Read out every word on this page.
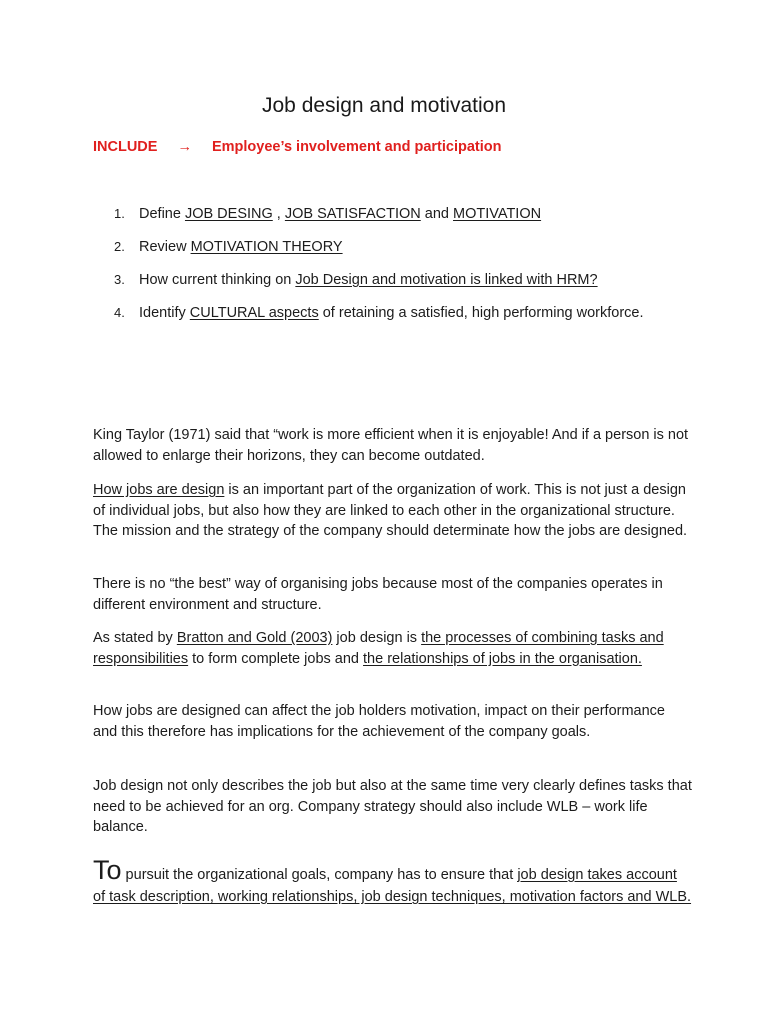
Job design and motivation
INCLUDE → Employee’s involvement and participation
1. Define JOB DESING , JOB SATISFACTION and MOTIVATION
2. Review MOTIVATION THEORY
3. How current thinking on Job Design and motivation is linked with HRM?
4. Identify CULTURAL aspects of retaining a satisfied, high performing workforce.

King Taylor (1971) said that “work is more efficient when it is enjoyable! And if a person is not allowed to enlarge their horizons, they can become outdated.

How jobs are design is an important part of the organization of work. This is not just a design of individual jobs, but also how they are linked to each other in the organizational structure. The mission and the strategy of the company should determinate how the jobs are designed.

There is no “the best” way of organising jobs because most of the companies operates in different environment and structure.

As stated by Bratton and Gold (2003) job design is the processes of combining tasks and responsibilities to form complete jobs and the relationships of jobs in the organisation.

How jobs are designed can affect the job holders motivation, impact on their performance and this therefore has implications for the achievement of the company goals.

Job design not only describes the job but also at the same time very clearly defines tasks that need to be achieved for an org. Company strategy should also include WLB – work life balance.

To pursuit the organizational goals, company has to ensure that job design takes account of task description, working relationships, job design techniques, motivation factors and WLB.
